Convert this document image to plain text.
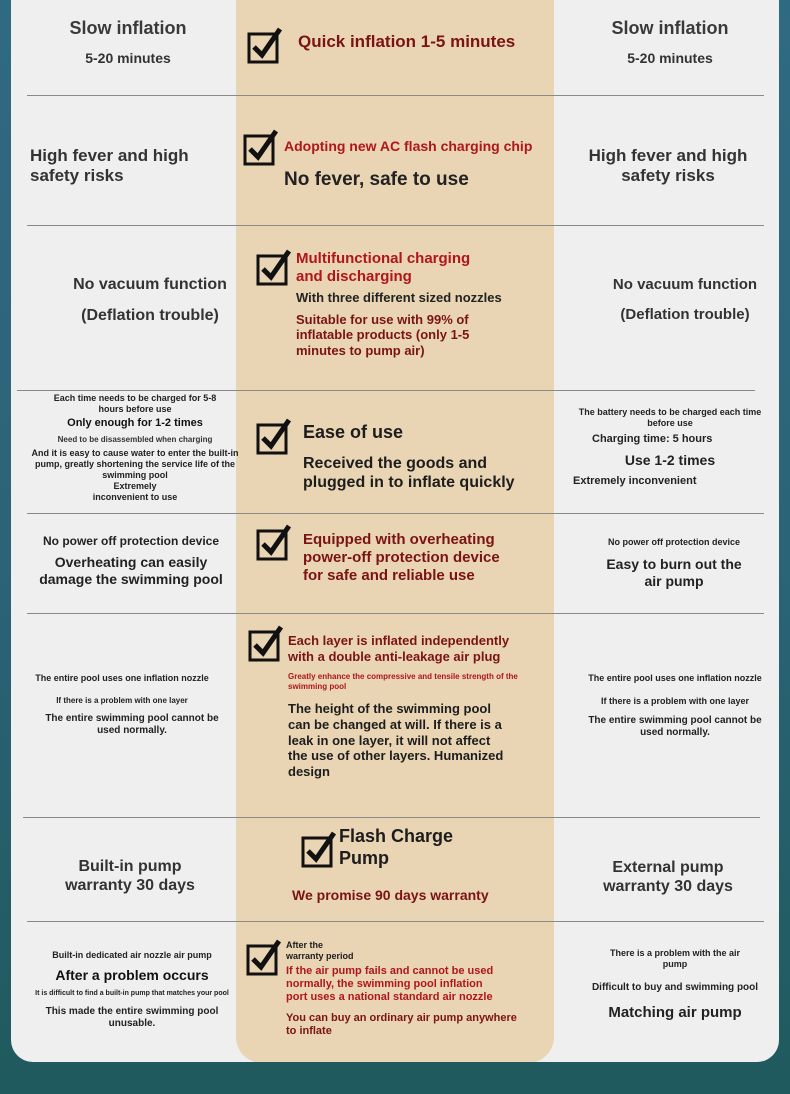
Slow inflation
5-20 minutes
Quick inflation 1-5 minutes
Slow inflation
5-20 minutes
High fever and high
safety risks
Adopting new AC flash charging chip
No fever, safe to use
High fever and high
safety risks
No vacuum function
(Deflation trouble)
Multifunctional charging
and discharging
With three different sized nozzles
Suitable for use with 99% of
inflatable products (only 1-5
minutes to pump air)
No vacuum function
(Deflation trouble)
Each time needs to be charged for 5-8
hours before use
Only enough for 1-2 times
Need to be disassembled when charging
And it is easy to cause water to enter the built-in
pump, greatly shortening the service life of the
swimming pool
Extremely
inconvenient to use
Ease of use
Received the goods and
plugged in to inflate quickly
The battery needs to be charged each time
before use
Charging time: 5 hours
Use 1-2 times
Extremely inconvenient
No power off protection device
Overheating can easily
damage the swimming pool
Equipped with overheating
power-off protection device
for safe and reliable use
No power off protection device
Easy to burn out the
air pump
The entire pool uses one inflation nozzle
If there is a problem with one layer
The entire swimming pool cannot be
used normally.
Each layer is inflated independently
with a double anti-leakage air plug
Greatly enhance the compressive and tensile strength of the
swimming pool
The height of the swimming pool
can be changed at will. If there is a
leak in one layer, it will not affect
the use of other layers. Humanized
design
The entire pool uses one inflation nozzle
If there is a problem with one layer
The entire swimming pool cannot be
used normally.
Built-in pump
warranty 30 days
Flash Charge
Pump
We promise 90 days warranty
External pump
warranty 30 days
Built-in dedicated air nozzle air pump
After a problem occurs
It is difficult to find a built-in pump that matches your pool
This made the entire swimming pool
unusable.
After the
warranty period
If the air pump fails and cannot be used
normally, the swimming pool inflation
port uses a national standard air nozzle
You can buy an ordinary air pump anywhere
to inflate
There is a problem with the air
pump
Difficult to buy and swimming pool
Matching air pump
